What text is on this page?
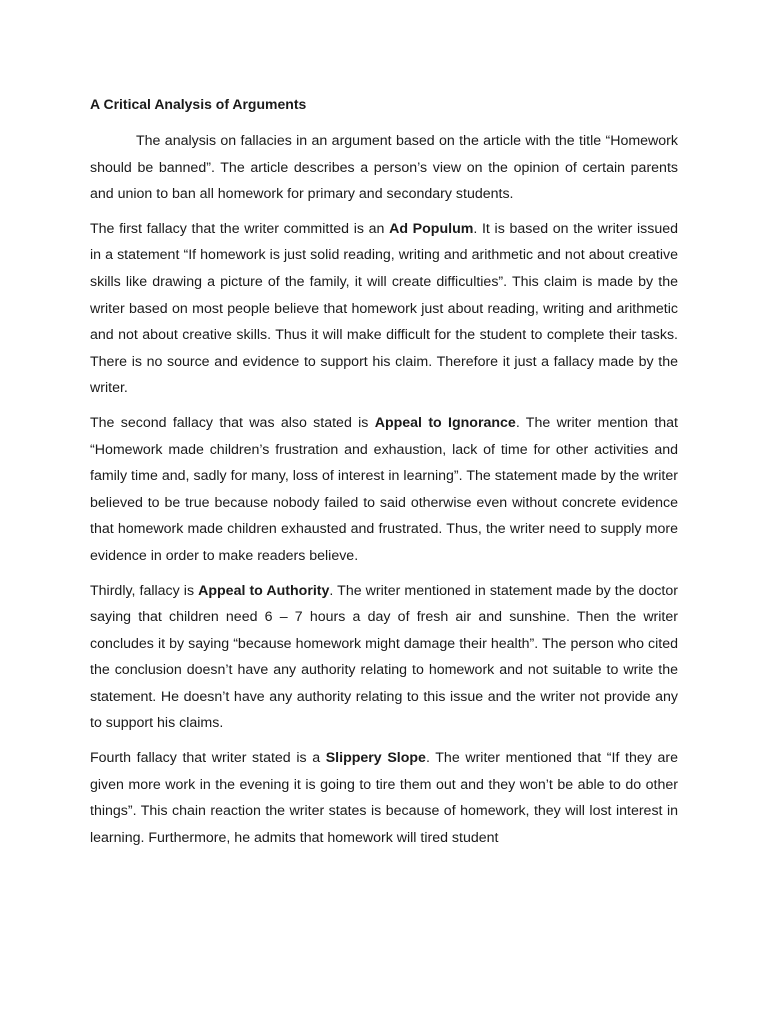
A Critical Analysis of Arguments

The analysis on fallacies in an argument based on the article with the title “Homework should be banned”. The article describes a person’s view on the opinion of certain parents and union to ban all homework for primary and secondary students.

The first fallacy that the writer committed is an Ad Populum. It is based on the writer issued in a statement “If homework is just solid reading, writing and arithmetic and not about creative skills like drawing a picture of the family, it will create difficulties”. This claim is made by the writer based on most people believe that homework just about reading, writing and arithmetic and not about creative skills. Thus it will make difficult for the student to complete their tasks. There is no source and evidence to support his claim. Therefore it just a fallacy made by the writer.

The second fallacy that was also stated is Appeal to Ignorance. The writer mention that “Homework made children’s frustration and exhaustion, lack of time for other activities and family time and, sadly for many, loss of interest in learning”. The statement made by the writer believed to be true because nobody failed to said otherwise even without concrete evidence that homework made children exhausted and frustrated. Thus, the writer need to supply more evidence in order to make readers believe.

Thirdly, fallacy is Appeal to Authority. The writer mentioned in statement made by the doctor saying that children need 6 – 7 hours a day of fresh air and sunshine. Then the writer concludes it by saying “because homework might damage their health”. The person who cited the conclusion doesn’t have any authority relating to homework and not suitable to write the statement. He doesn’t have any authority relating to this issue and the writer not provide any to support his claims.

Fourth fallacy that writer stated is a Slippery Slope. The writer mentioned that “If they are given more work in the evening it is going to tire them out and they won’t be able to do other things”. This chain reaction the writer states is because of homework, they will lost interest in learning. Furthermore, he admits that homework will tired student
